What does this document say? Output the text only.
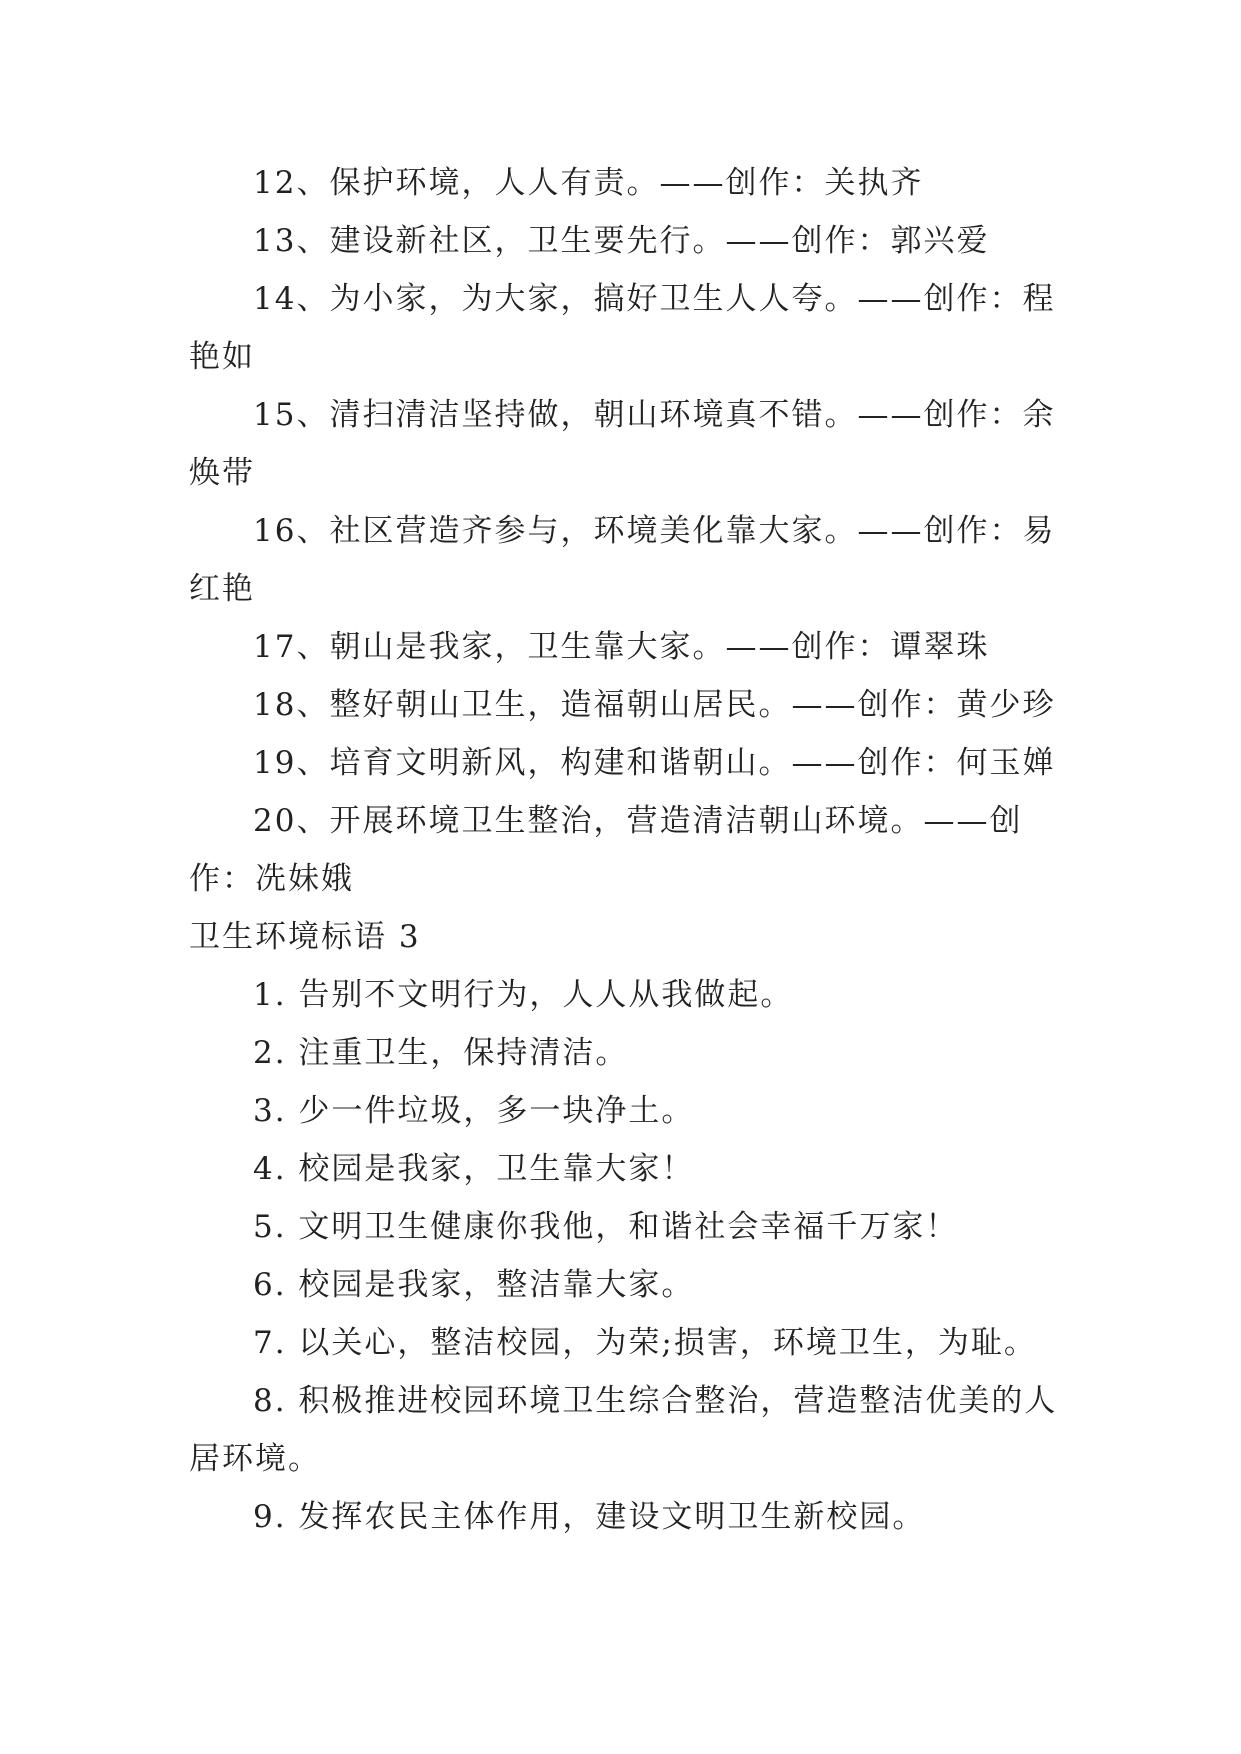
12、保护环境，人人有责。——创作：关执齐

13、建设新社区，卫生要先行。——创作：郭兴爱

14、为小家，为大家，搞好卫生人人夸。——创作：程艳如

15、清扫清洁坚持做，朝山环境真不错。——创作：余焕带

16、社区营造齐参与，环境美化靠大家。——创作：易红艳

17、朝山是我家，卫生靠大家。——创作：谭翠珠

18、整好朝山卫生，造福朝山居民。——创作：黄少珍

19、培育文明新风，构建和谐朝山。——创作：何玉婵

20、开展环境卫生整治，营造清洁朝山环境。——创作：冼妹娥

卫生环境标语 3

1. 告别不文明行为，人人从我做起。

2. 注重卫生，保持清洁。

3. 少一件垃圾，多一块净土。

4. 校园是我家，卫生靠大家！

5. 文明卫生健康你我他，和谐社会幸福千万家！

6. 校园是我家，整洁靠大家。

7. 以关心，整洁校园，为荣;损害，环境卫生，为耻。

8. 积极推进校园环境卫生综合整治，营造整洁优美的人居环境。

9. 发挥农民主体作用，建设文明卫生新校园。
